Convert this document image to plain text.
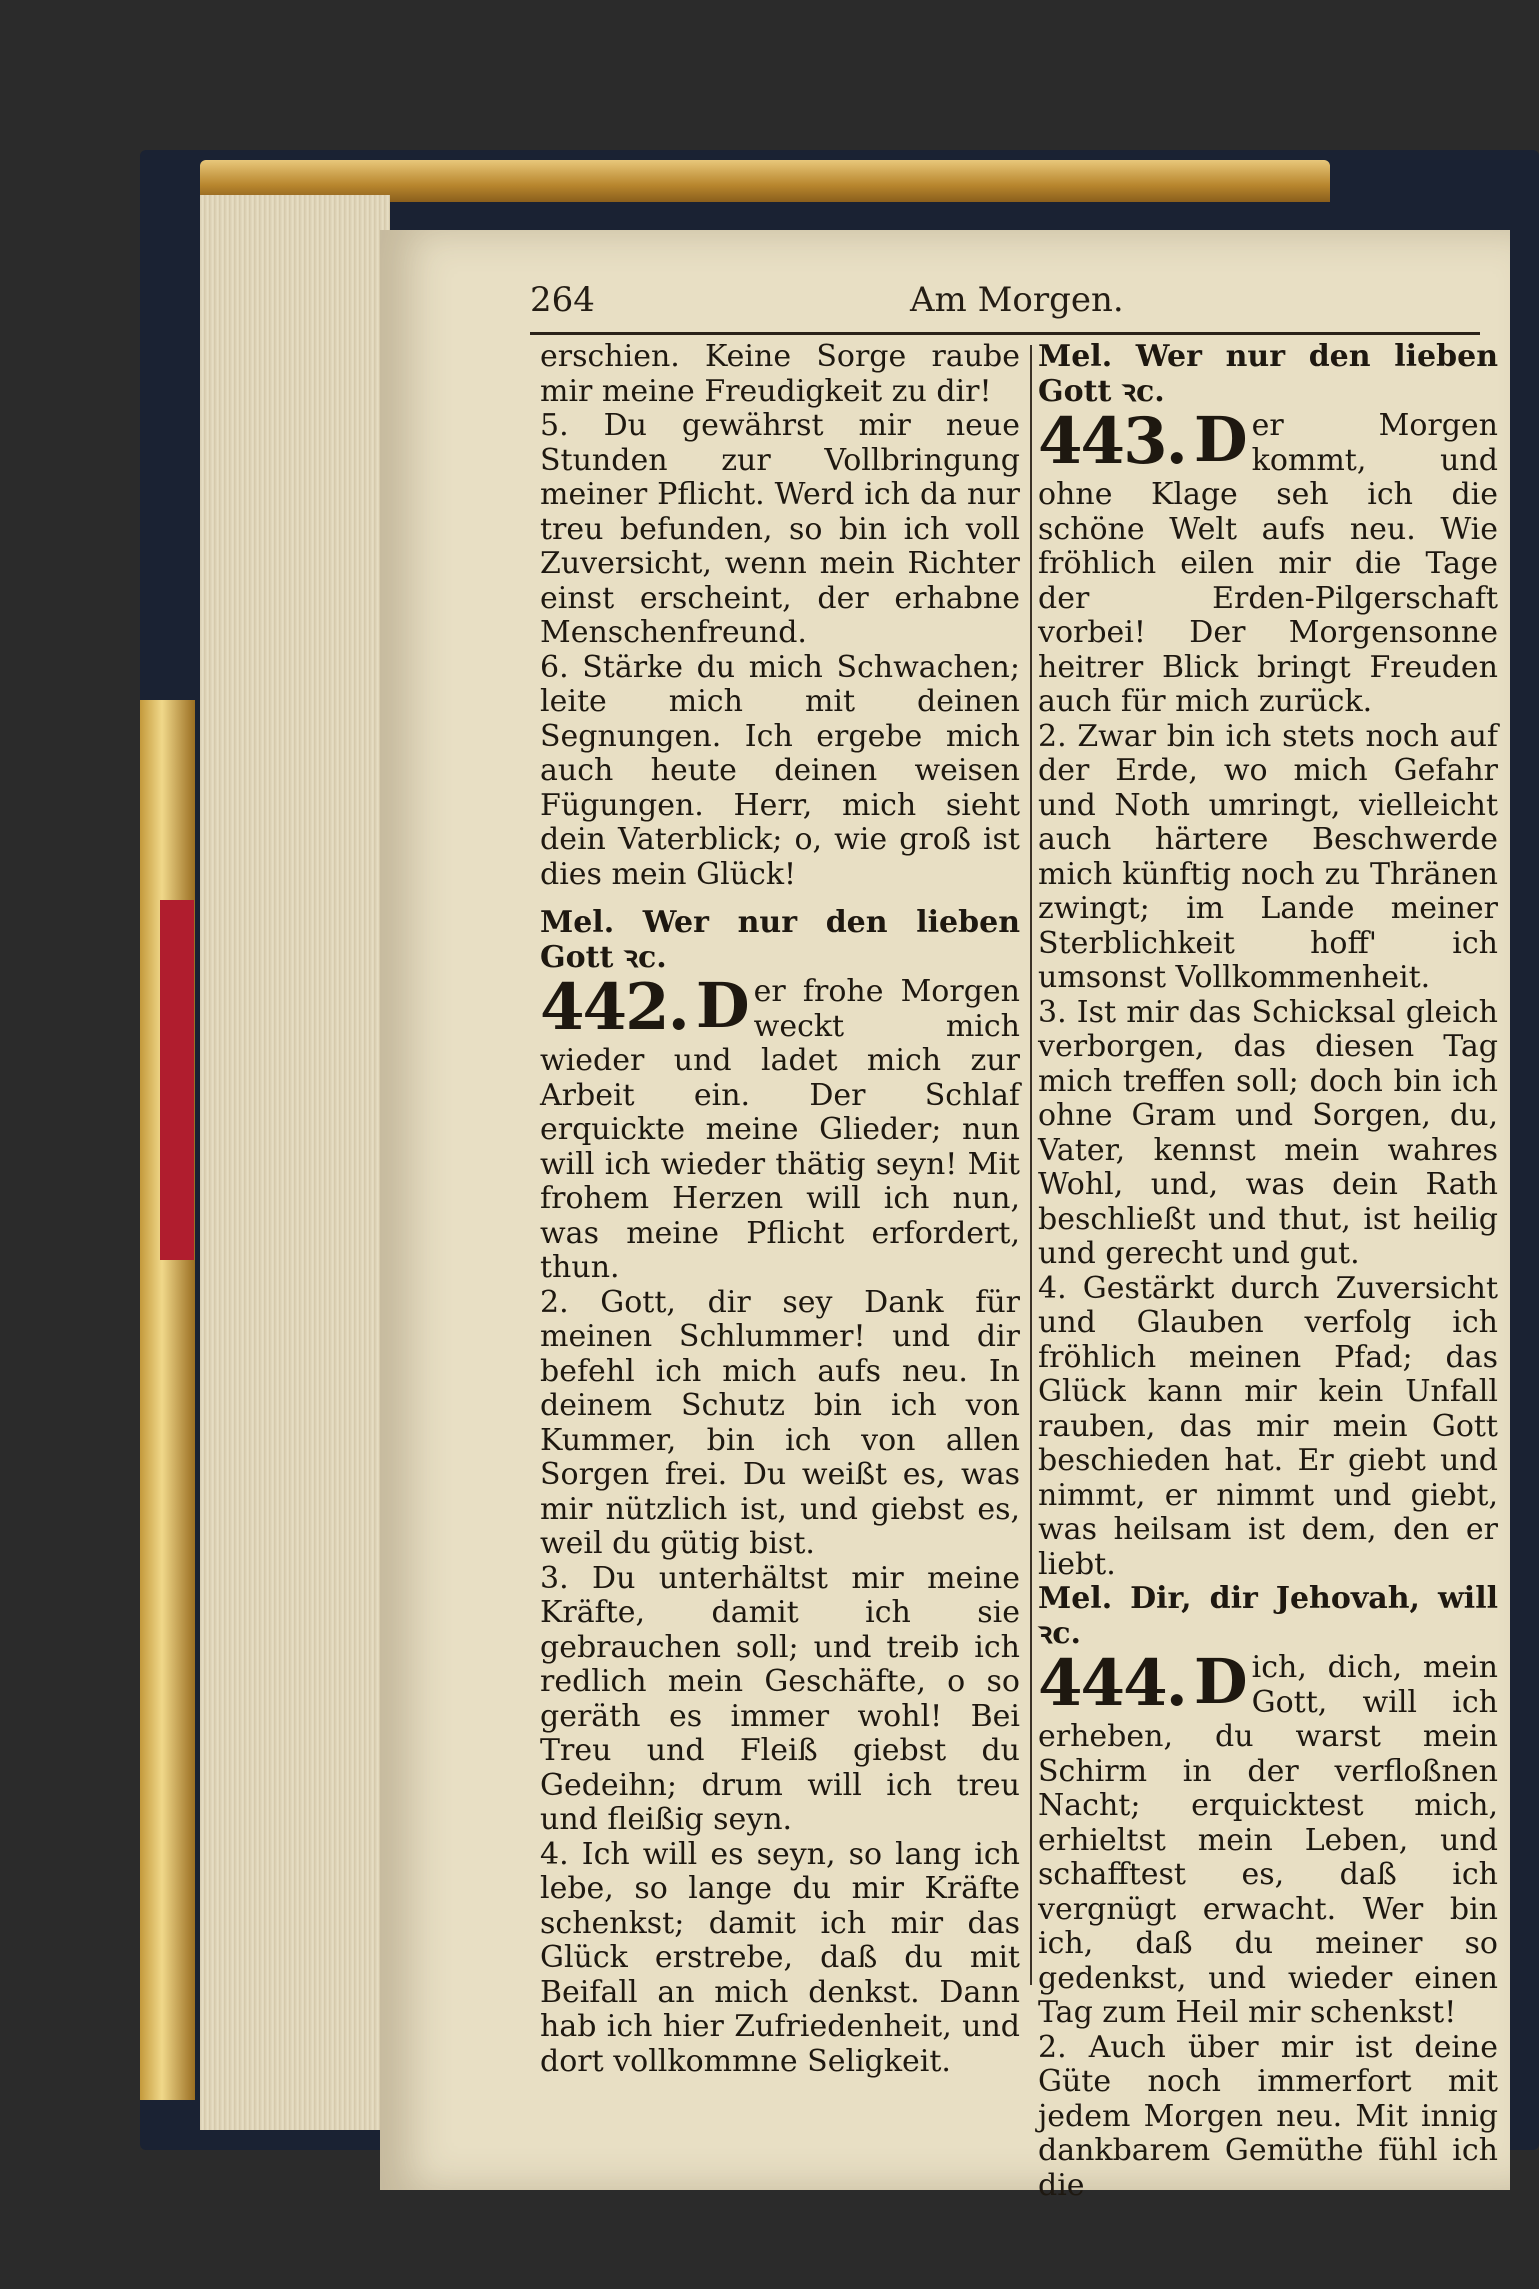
264	Am Morgen.

erschien. Keine Sorge raube mir meine Freudigkeit zu dir!

5. Du gewährst mir neue Stunden zur Vollbringung meiner Pflicht. Werd ich da nur treu befunden, so bin ich voll Zuversicht, wenn mein Richter einst erscheint, der erhabne Menschenfreund.

6. Stärke du mich Schwachen; leite mich mit deinen Segnungen. Ich ergebe mich auch heute deinen weisen Fügungen. Herr, mich sieht dein Vaterblick; o, wie groß ist dies mein Glück!

Mel. Wer nur den lieben Gott ꝛc.

442. D er frohe Morgen weckt mich wieder und ladet mich zur Arbeit ein. Der Schlaf erquickte meine Glieder; nun will ich wieder thätig seyn! Mit frohem Herzen will ich nun, was meine Pflicht erfordert, thun.

2. Gott, dir sey Dank für meinen Schlummer! und dir befehl ich mich aufs neu. In deinem Schutz bin ich von Kummer, bin ich von allen Sorgen frei. Du weißt es, was mir nützlich ist, und giebst es, weil du gütig bist.

3. Du unterhältst mir meine Kräfte, damit ich sie gebrauchen soll; und treib ich redlich mein Geschäfte, o so geräth es immer wohl! Bei Treu und Fleiß giebst du Gedeihn; drum will ich treu und fleißig seyn.

4. Ich will es seyn, so lang ich lebe, so lange du mir Kräfte schenkst; damit ich mir das Glück erstrebe, daß du mit Beifall an mich denkst. Dann hab ich hier Zufriedenheit, und dort vollkommne Seligkeit.

Mel. Wer nur den lieben Gott ꝛc.

443. D er Morgen kommt, und ohne Klage seh ich die schöne Welt aufs neu. Wie fröhlich eilen mir die Tage der Erden-Pilgerschaft vorbei! Der Morgensonne heitrer Blick bringt Freuden auch für mich zurück.

2. Zwar bin ich stets noch auf der Erde, wo mich Gefahr und Noth umringt, vielleicht auch härtere Beschwerde mich künftig noch zu Thränen zwingt; im Lande meiner Sterblichkeit hoff' ich umsonst Vollkommenheit.

3. Ist mir das Schicksal gleich verborgen, das diesen Tag mich treffen soll; doch bin ich ohne Gram und Sorgen, du, Vater, kennst mein wahres Wohl, und, was dein Rath beschließt und thut, ist heilig und gerecht und gut.

4. Gestärkt durch Zuversicht und Glauben verfolg ich fröhlich meinen Pfad; das Glück kann mir kein Unfall rauben, das mir mein Gott beschieden hat. Er giebt und nimmt, er nimmt und giebt, was heilsam ist dem, den er liebt.

Mel. Dir, dir Jehovah, will ꝛc.

444. D ich, dich, mein Gott, will ich erheben, du warst mein Schirm in der verfloßnen Nacht; erquicktest mich, erhieltst mein Leben, und schafftest es, daß ich vergnügt erwacht. Wer bin ich, daß du meiner so gedenkst, und wieder einen Tag zum Heil mir schenkst!

2. Auch über mir ist deine Güte noch immerfort mit jedem Morgen neu. Mit innig dankbarem Gemüthe fühl ich die
